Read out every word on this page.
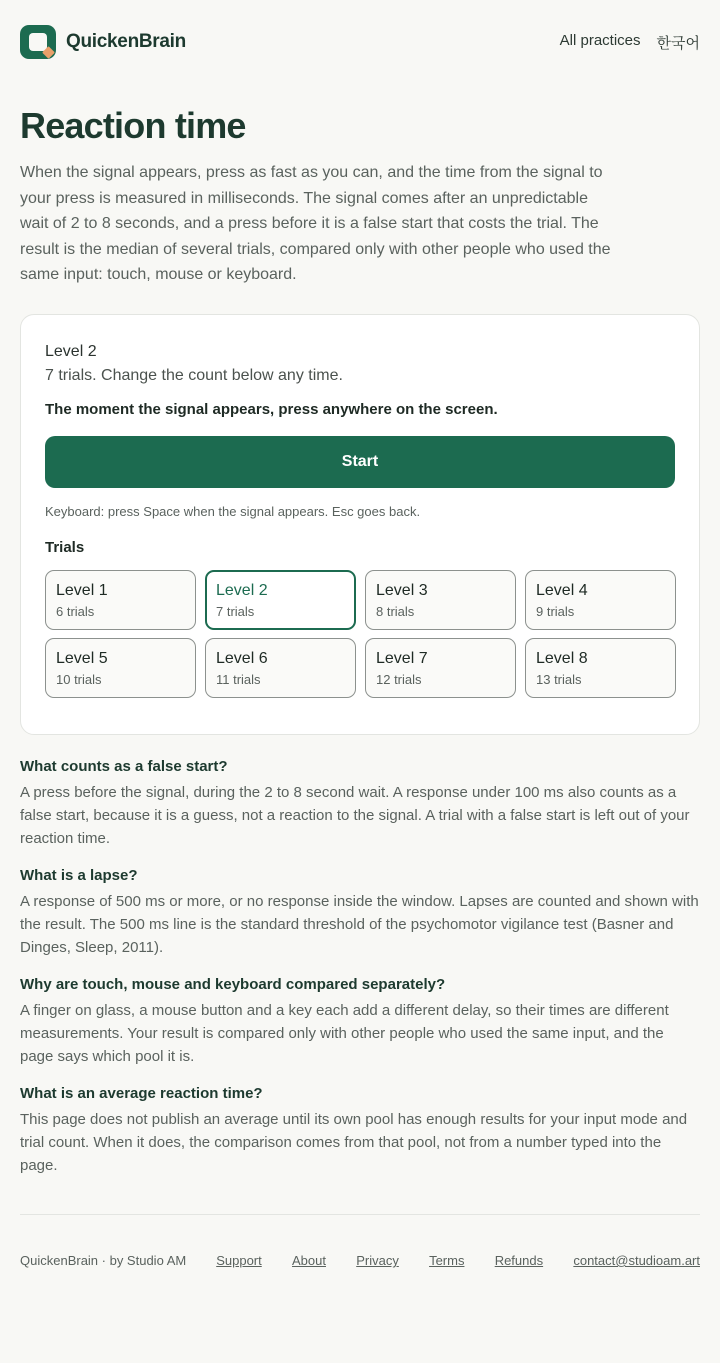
QuickenBrain	All practices 한국어
Reaction time

When the signal appears, press as fast as you can, and the time from the signal to your press is measured in milliseconds. The signal comes after an unpredictable wait of 2 to 8 seconds, and a press before it is a false start that costs the trial. The result is the median of several trials, compared only with other people who used the same input: touch, mouse or keyboard.

Level 2
7 trials. Change the count below any time.
The moment the signal appears, press anywhere on the screen.
Start
Keyboard: press Space when the signal appears. Esc goes back.
Trials
Level 1
6 trials
Level 2
7 trials
Level 3
8 trials
Level 4
9 trials
Level 5
10 trials
Level 6
11 trials
Level 7
12 trials
Level 8
13 trials
What counts as a false start?
A press before the signal, during the 2 to 8 second wait. A response under 100 ms also counts as a false start, because it is a guess, not a reaction to the signal. A trial with a false start is left out of your reaction time.
What is a lapse?
A response of 500 ms or more, or no response inside the window. Lapses are counted and shown with the result. The 500 ms line is the standard threshold of the psychomotor vigilance test (Basner and Dinges, Sleep, 2011).
Why are touch, mouse and keyboard compared separately?
A finger on glass, a mouse button and a key each add a different delay, so their times are different measurements. Your result is compared only with other people who used the same input, and the page says which pool it is.
What is an average reaction time?
This page does not publish an average until its own pool has enough results for your input mode and trial count. When it does, the comparison comes from that pool, not from a number typed into the page.
QuickenBrain · by Studio AM Support About Privacy Terms Refunds contact@studioam.art
